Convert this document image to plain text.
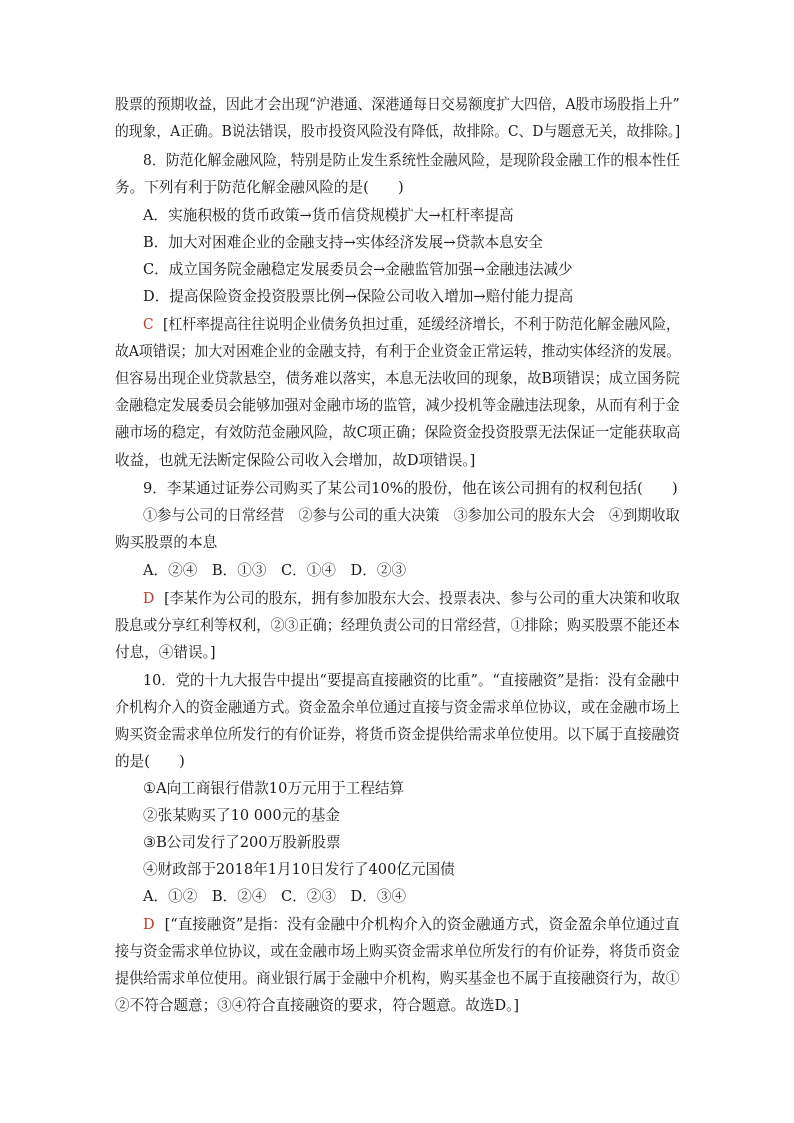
股票的预期收益，因此才会出现“沪港通、深港通每日交易额度扩大四倍，A股市场股指上升”
的现象，A正确。B说法错误，股市投资风险没有降低，故排除。C、D与题意无关，故排除。]
8．防范化解金融风险，特别是防止发生系统性金融风险，是现阶段金融工作的根本性任
务。下列有利于防范化解金融风险的是(　　)
A．实施积极的货币政策→货币信贷规模扩大→杠杆率提高
B．加大对困难企业的金融支持→实体经济发展→贷款本息安全
C．成立国务院金融稳定发展委员会→金融监管加强→金融违法减少
D．提高保险资金投资股票比例→保险公司收入增加→赔付能力提高
C [杠杆率提高往往说明企业债务负担过重，延缓经济增长，不利于防范化解金融风险，
故A项错误；加大对困难企业的金融支持，有利于企业资金正常运转，推动实体经济的发展。
但容易出现企业贷款悬空，债务难以落实，本息无法收回的现象，故B项错误；成立国务院
金融稳定发展委员会能够加强对金融市场的监管，减少投机等金融违法现象，从而有利于金
融市场的稳定，有效防范金融风险，故C项正确；保险资金投资股票无法保证一定能获取高
收益，也就无法断定保险公司收入会增加，故D项错误。]
9．李某通过证券公司购买了某公司10%的股份，他在该公司拥有的权利包括(　　)
①参与公司的日常经营　②参与公司的重大决策　③参加公司的股东大会　④到期收取
购买股票的本息
A．②④　B．①③　C．①④　D．②③
D [李某作为公司的股东，拥有参加股东大会、投票表决、参与公司的重大决策和收取
股息或分享红利等权利，②③正确；经理负责公司的日常经营，①排除；购买股票不能还本
付息，④错误。]
10．党的十九大报告中提出“要提高直接融资的比重”。“直接融资”是指：没有金融中
介机构介入的资金融通方式。资金盈余单位通过直接与资金需求单位协议，或在金融市场上
购买资金需求单位所发行的有价证券，将货币资金提供给需求单位使用。以下属于直接融资
的是(　　)
①A向工商银行借款10万元用于工程结算
②张某购买了10 000元的基金
③B公司发行了200万股新股票
④财政部于2018年1月10日发行了400亿元国债
A．①②　B．②④　C．②③　D．③④
D [“直接融资”是指：没有金融中介机构介入的资金融通方式，资金盈余单位通过直
接与资金需求单位协议，或在金融市场上购买资金需求单位所发行的有价证券，将货币资金
提供给需求单位使用。商业银行属于金融中介机构，购买基金也不属于直接融资行为，故①
②不符合题意；③④符合直接融资的要求，符合题意。故选D。]
